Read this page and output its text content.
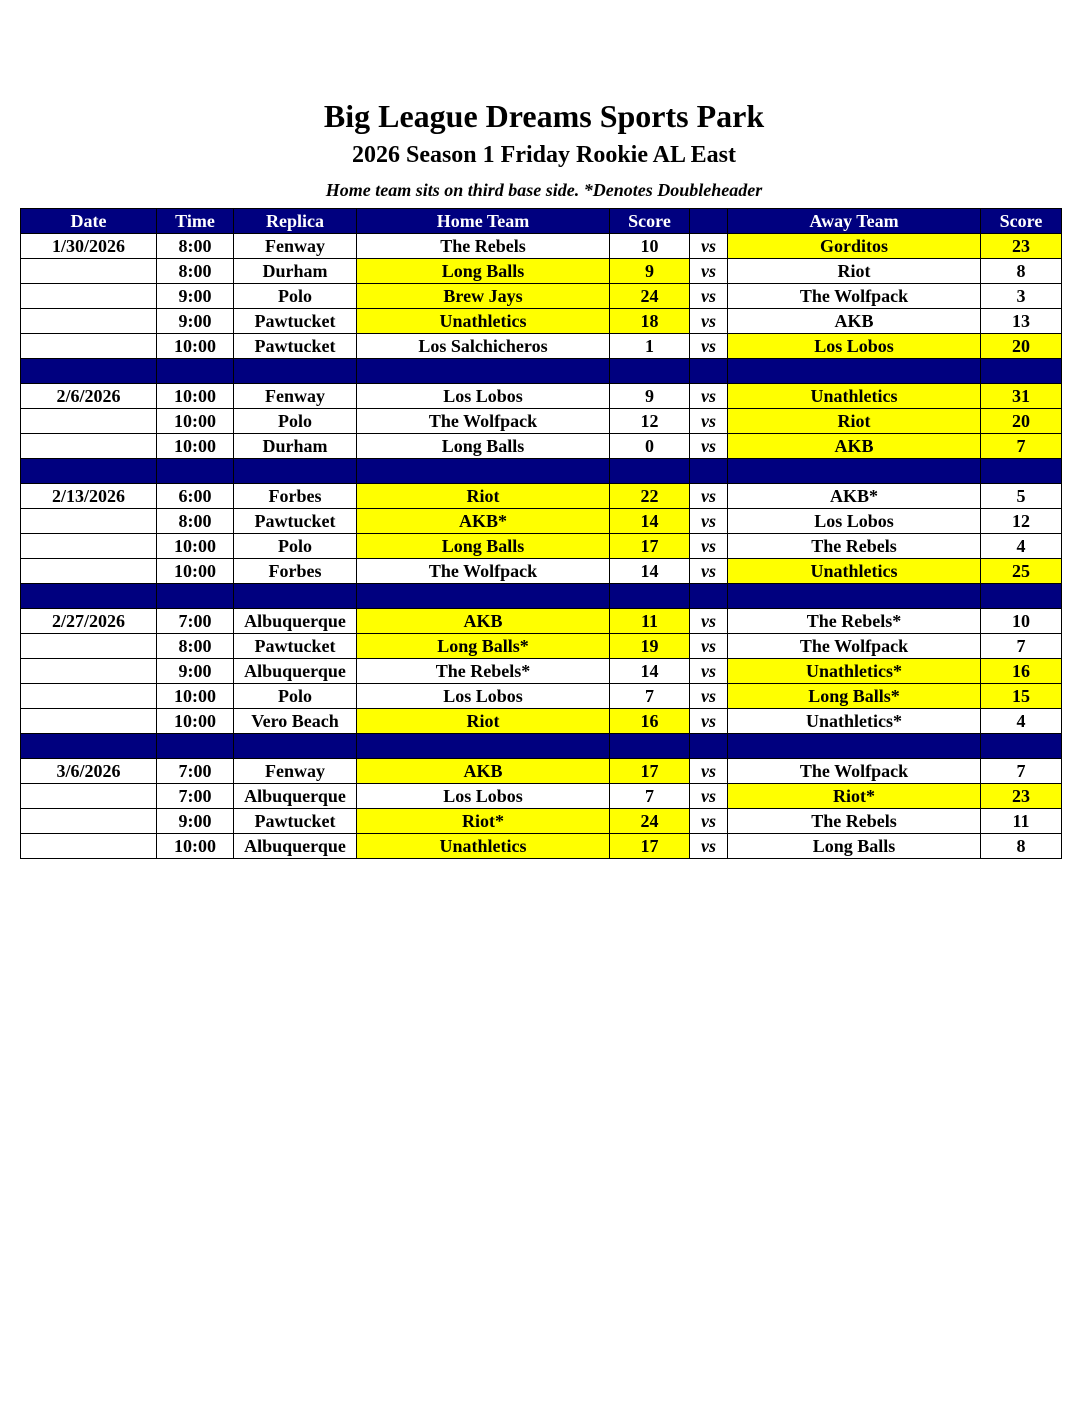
Big League Dreams Sports Park
2026 Season 1 Friday Rookie AL East
Home team sits on third base side. *Denotes Doubleheader
Date	Time	Replica	Home Team	Score		Away Team	Score
1/30/2026	8:00	Fenway	The Rebels	10	vs	Gorditos	23
	8:00	Durham	Long Balls	9	vs	Riot	8
	9:00	Polo	Brew Jays	24	vs	The Wolfpack	3
	9:00	Pawtucket	Unathletics	18	vs	AKB	13
	10:00	Pawtucket	Los Salchicheros	1	vs	Los Lobos	20

2/6/2026	10:00	Fenway	Los Lobos	9	vs	Unathletics	31
	10:00	Polo	The Wolfpack	12	vs	Riot	20
	10:00	Durham	Long Balls	0	vs	AKB	7

2/13/2026	6:00	Forbes	Riot	22	vs	AKB*	5
	8:00	Pawtucket	AKB*	14	vs	Los Lobos	12
	10:00	Polo	Long Balls	17	vs	The Rebels	4
	10:00	Forbes	The Wolfpack	14	vs	Unathletics	25

2/27/2026	7:00	Albuquerque	AKB	11	vs	The Rebels*	10
	8:00	Pawtucket	Long Balls*	19	vs	The Wolfpack	7
	9:00	Albuquerque	The Rebels*	14	vs	Unathletics*	16
	10:00	Polo	Los Lobos	7	vs	Long Balls*	15
	10:00	Vero Beach	Riot	16	vs	Unathletics*	4

3/6/2026	7:00	Fenway	AKB	17	vs	The Wolfpack	7
	7:00	Albuquerque	Los Lobos	7	vs	Riot*	23
	9:00	Pawtucket	Riot*	24	vs	The Rebels	11
	10:00	Albuquerque	Unathletics	17	vs	Long Balls	8
